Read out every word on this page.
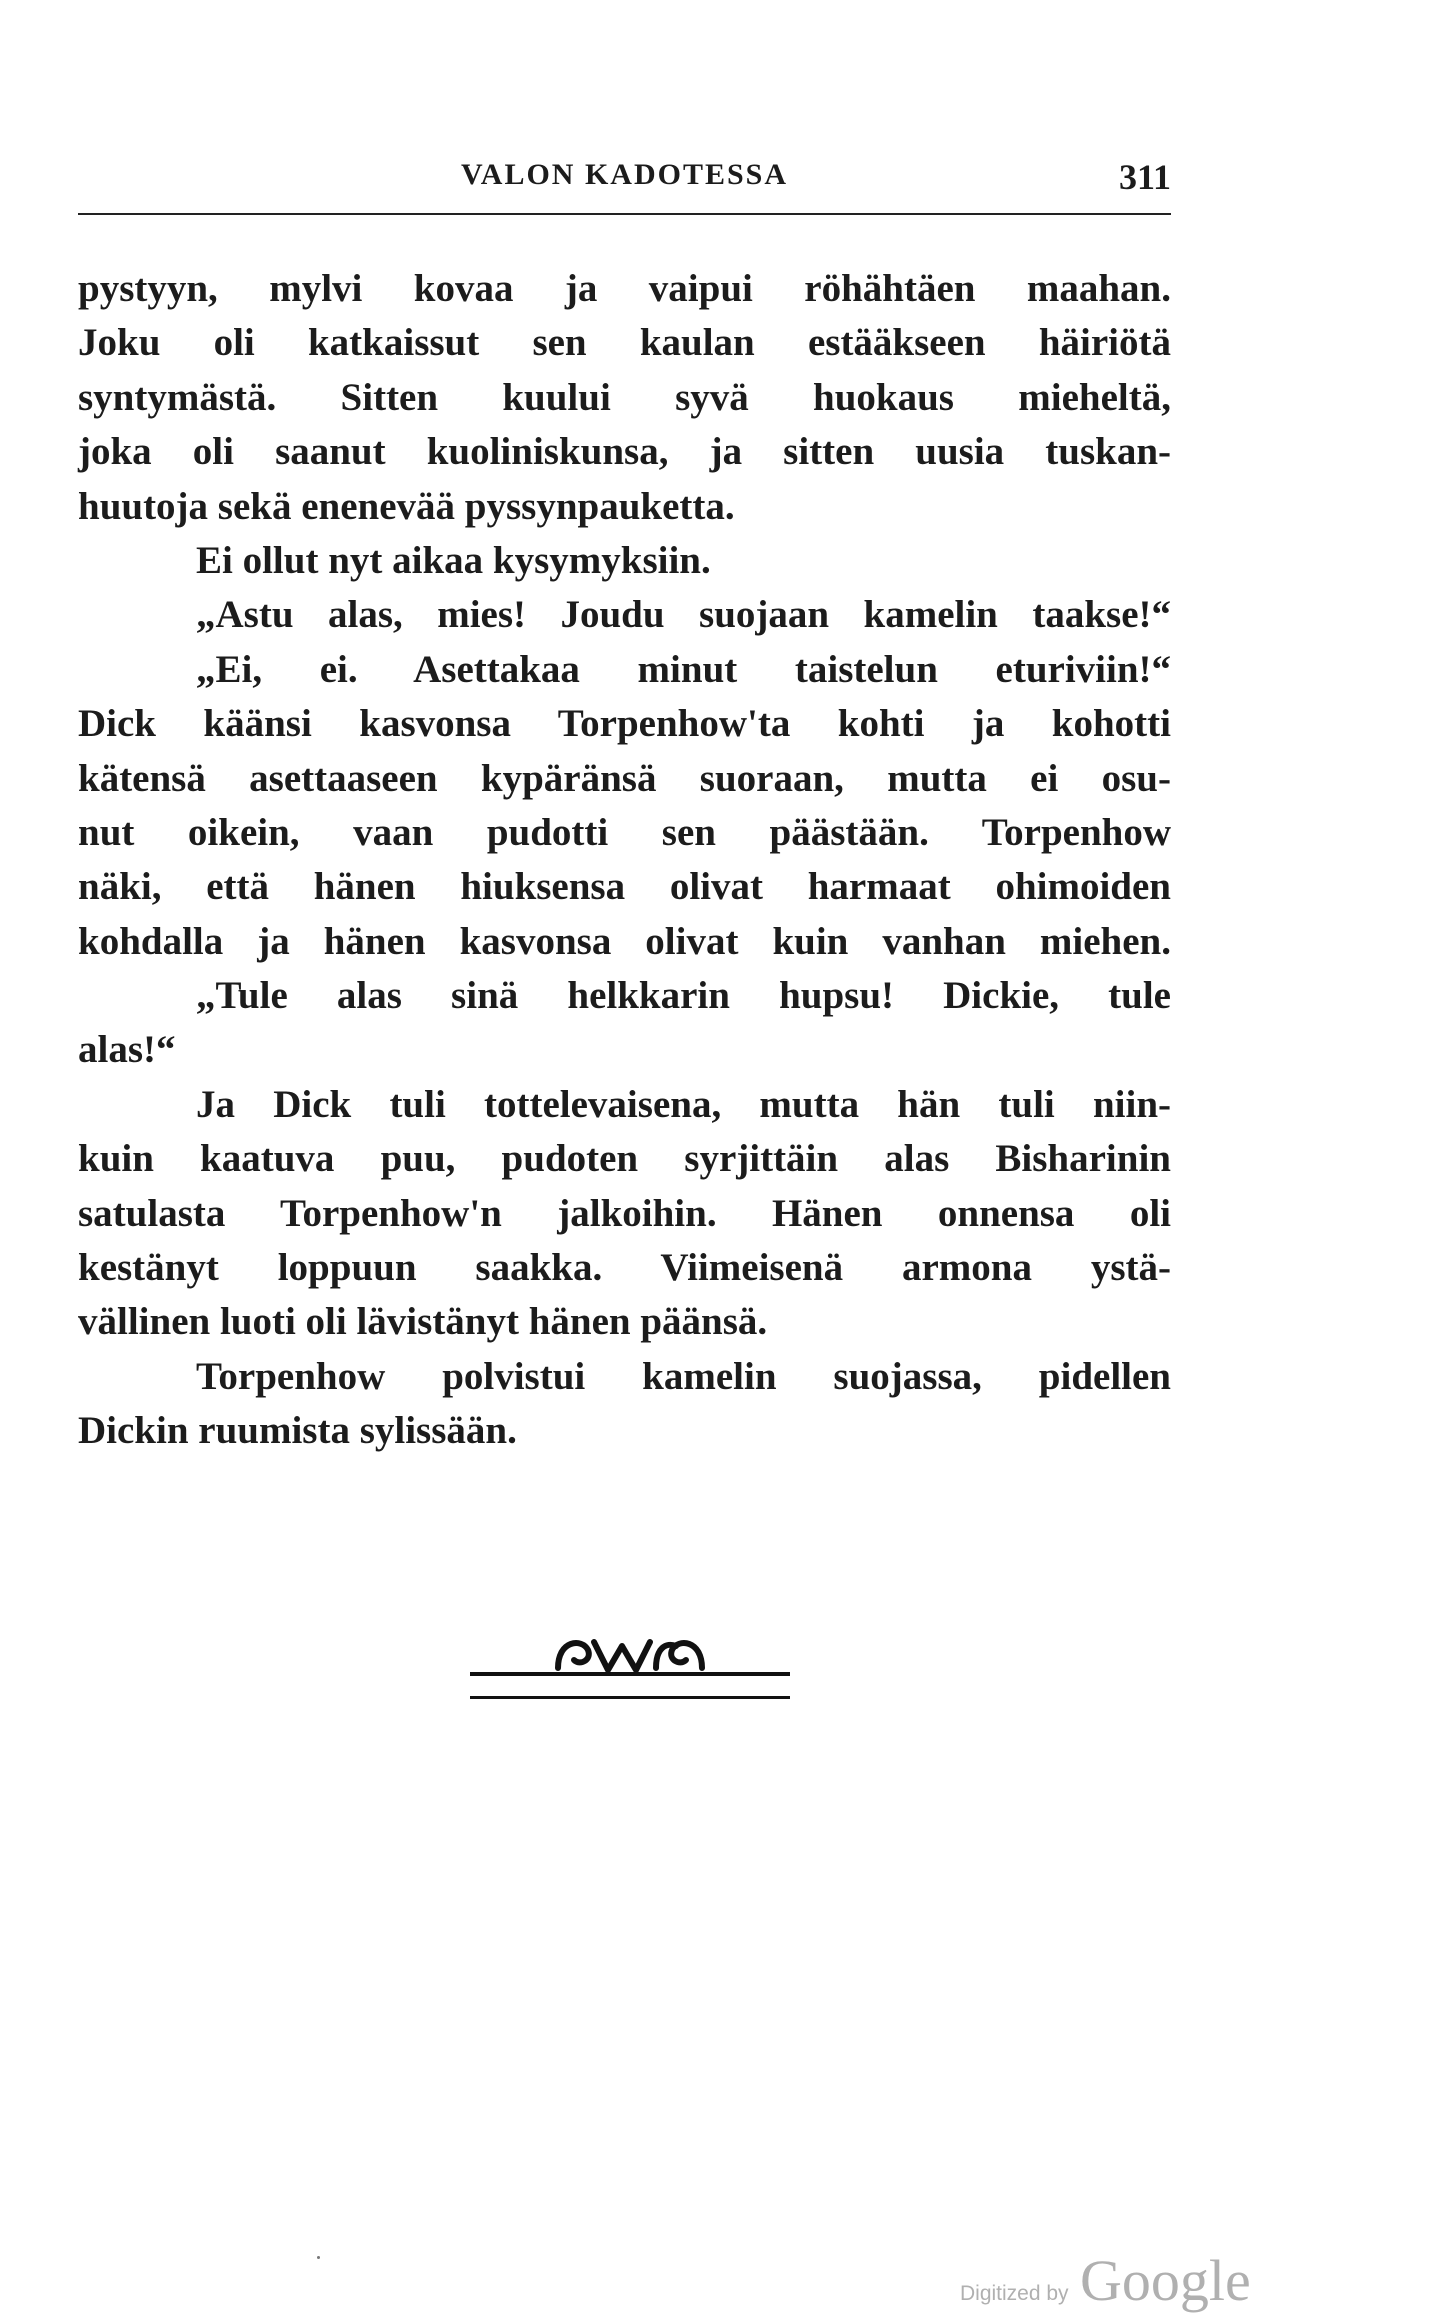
VALON KADOTESSA	311
pystyyn, mylvi kovaa ja vaipui röhähtäen maahan.
Joku oli katkaissut sen kaulan estääkseen häiriötä
syntymästä. Sitten kuului syvä huokaus mieheltä,
joka oli saanut kuoliniskunsa, ja sitten uusia tuskan-
huutoja sekä enenevää pyssynpauketta.
Ei ollut nyt aikaa kysymyksiin.
„Astu alas, mies! Joudu suojaan kamelin taakse!“
„Ei, ei. Asettakaa minut taistelun eturiviin!“
Dick käänsi kasvonsa Torpenhow'ta kohti ja kohotti
kätensä asettaaseen kypäränsä suoraan, mutta ei osu-
nut oikein, vaan pudotti sen päästään. Torpenhow
näki, että hänen hiuksensa olivat harmaat ohimoiden
kohdalla ja hänen kasvonsa olivat kuin vanhan miehen.
„Tule alas sinä helkkarin hupsu! Dickie, tule
alas!“
Ja Dick tuli tottelevaisena, mutta hän tuli niin-
kuin kaatuva puu, pudoten syrjittäin alas Bisharinin
satulasta Torpenhow'n jalkoihin. Hänen onnensa oli
kestänyt loppuun saakka. Viimeisenä armona ystä-
vällinen luoti oli lävistänyt hänen päänsä.
Torpenhow polvistui kamelin suojassa, pidellen
Dickin ruumista sylissään.
Digitized by Google
